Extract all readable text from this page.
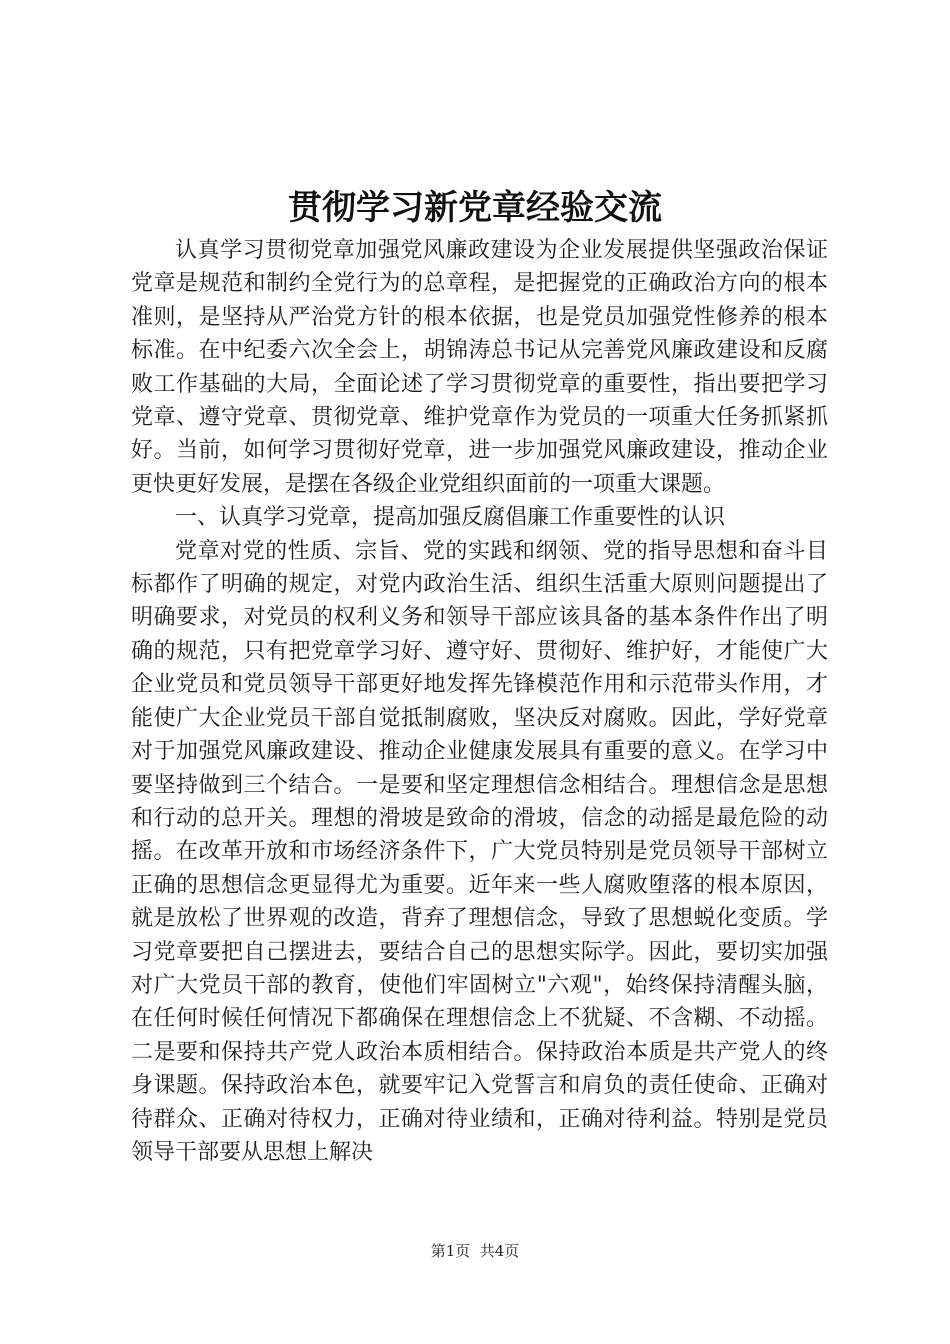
贯彻学习新党章经验交流

认真学习贯彻党章加强党风廉政建设为企业发展提供坚强政治保证党章是规范和制约全党行为的总章程，是把握党的正确政治方向的根本准则，是坚持从严治党方针的根本依据，也是党员加强党性修养的根本标准。在中纪委六次全会上，胡锦涛总书记从完善党风廉政建设和反腐败工作基础的大局，全面论述了学习贯彻党章的重要性，指出要把学习党章、遵守党章、贯彻党章、维护党章作为党员的一项重大任务抓紧抓好。当前，如何学习贯彻好党章，进一步加强党风廉政建设，推动企业更快更好发展，是摆在各级企业党组织面前的一项重大课题。

一、认真学习党章，提高加强反腐倡廉工作重要性的认识

党章对党的性质、宗旨、党的实践和纲领、党的指导思想和奋斗目标都作了明确的规定，对党内政治生活、组织生活重大原则问题提出了明确要求，对党员的权利义务和领导干部应该具备的基本条件作出了明确的规范，只有把党章学习好、遵守好、贯彻好、维护好，才能使广大企业党员和党员领导干部更好地发挥先锋模范作用和示范带头作用，才能使广大企业党员干部自觉抵制腐败，坚决反对腐败。因此，学好党章对于加强党风廉政建设、推动企业健康发展具有重要的意义。在学习中要坚持做到三个结合。一是要和坚定理想信念相结合。理想信念是思想和行动的总开关。理想的滑坡是致命的滑坡，信念的动摇是最危险的动摇。在改革开放和市场经济条件下，广大党员特别是党员领导干部树立正确的思想信念更显得尤为重要。近年来一些人腐败堕落的根本原因，就是放松了世界观的改造，背弃了理想信念，导致了思想蜕化变质。学习党章要把自己摆进去，要结合自己的思想实际学。因此，要切实加强对广大党员干部的教育，使他们牢固树立"六观"，始终保持清醒头脑，在任何时候任何情况下都确保在理想信念上不犹疑、不含糊、不动摇。二是要和保持共产党人政治本质相结合。保持政治本质是共产党人的终身课题。保持政治本色，就要牢记入党誓言和肩负的责任使命、正确对待群众、正确对待权力，正确对待业绩和，正确对待利益。特别是党员领导干部要从思想上解决

第1页  共4页
